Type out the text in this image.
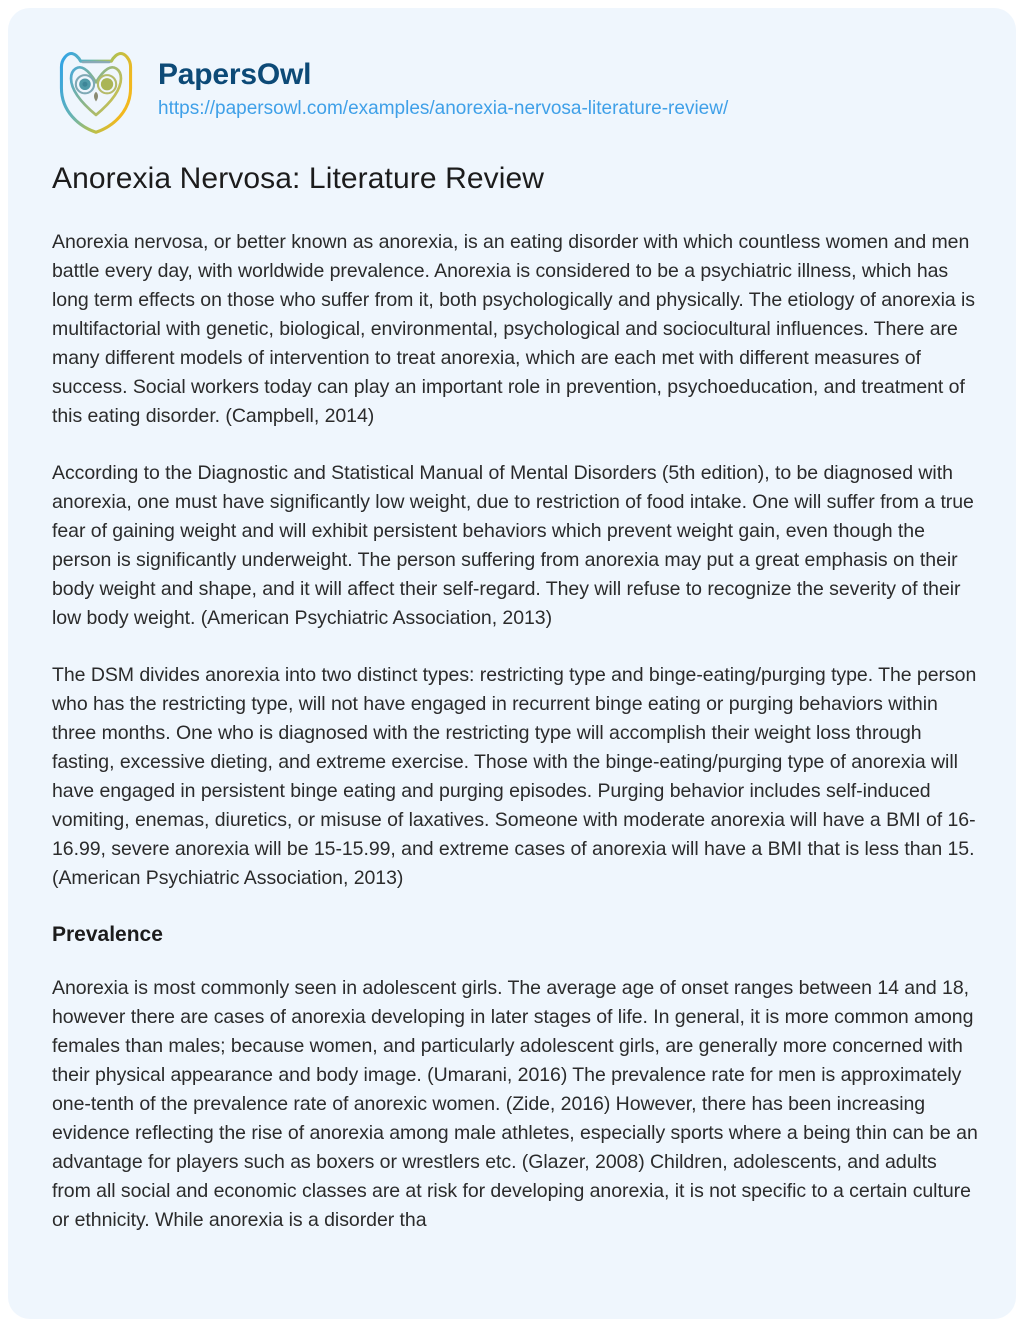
PapersOwl
https://papersowl.com/examples/anorexia-nervosa-literature-review/
Anorexia Nervosa: Literature Review

Anorexia nervosa, or better known as anorexia, is an eating disorder with which countless women and men battle every day, with worldwide prevalence. Anorexia is considered to be a psychiatric illness, which has long term effects on those who suffer from it, both psychologically and physically. The etiology of anorexia is multifactorial with genetic, biological, environmental, psychological and sociocultural influences. There are many different models of intervention to treat anorexia, which are each met with different measures of success. Social workers today can play an important role in prevention, psychoeducation, and treatment of this eating disorder. (Campbell, 2014)

According to the Diagnostic and Statistical Manual of Mental Disorders (5th edition), to be diagnosed with anorexia, one must have significantly low weight, due to restriction of food intake. One will suffer from a true fear of gaining weight and will exhibit persistent behaviors which prevent weight gain, even though the person is significantly underweight. The person suffering from anorexia may put a great emphasis on their body weight and shape, and it will affect their self-regard. They will refuse to recognize the severity of their low body weight. (American Psychiatric Association, 2013)

The DSM divides anorexia into two distinct types: restricting type and binge-eating/purging type. The person who has the restricting type, will not have engaged in recurrent binge eating or purging behaviors within three months. One who is diagnosed with the restricting type will accomplish their weight loss through fasting, excessive dieting, and extreme exercise. Those with the binge-eating/purging type of anorexia will have engaged in persistent binge eating and purging episodes. Purging behavior includes self-induced vomiting, enemas, diuretics, or misuse of laxatives. Someone with moderate anorexia will have a BMI of 16-16.99, severe anorexia will be 15-15.99, and extreme cases of anorexia will have a BMI that is less than 15. (American Psychiatric Association, 2013)

Prevalence

Anorexia is most commonly seen in adolescent girls. The average age of onset ranges between 14 and 18, however there are cases of anorexia developing in later stages of life. In general, it is more common among females than males; because women, and particularly adolescent girls, are generally more concerned with their physical appearance and body image. (Umarani, 2016) The prevalence rate for men is approximately one-tenth of the prevalence rate of anorexic women. (Zide, 2016) However, there has been increasing evidence reflecting the rise of anorexia among male athletes, especially sports where a being thin can be an advantage for players such as boxers or wrestlers etc. (Glazer, 2008) Children, adolescents, and adults from all social and economic classes are at risk for developing anorexia, it is not specific to a certain culture or ethnicity. While anorexia is a disorder tha
